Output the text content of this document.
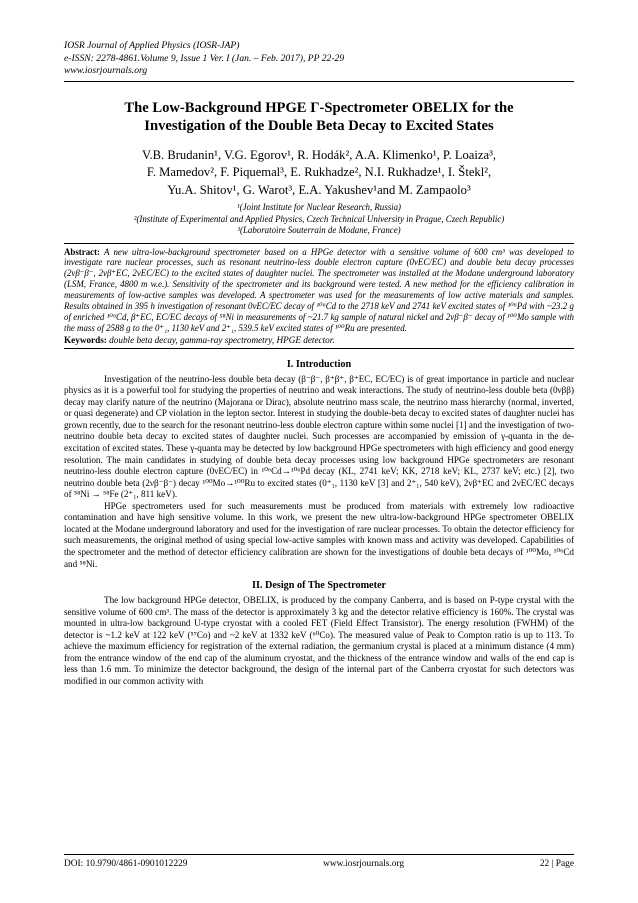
IOSR Journal of Applied Physics (IOSR-JAP)
e-ISSN: 2278-4861.Volume 9, Issue 1 Ver. I (Jan. – Feb. 2017), PP 22-29
www.iosrjournals.org
The Low-Background HPGE Γ-Spectrometer OBELIX for the
Investigation of the Double Beta Decay to Excited States
V.B. Brudanin¹, V.G. Egorov¹, R. Hodák², A.A. Klimenko¹, P. Loaiza³,
F. Mamedov², F. Piquemal³, E. Rukhadze², N.I. Rukhadze¹, I. Štekl²,
Yu.A. Shitov¹, G. Warot³, E.A. Yakushev¹and M. Zampaolo³
¹(Joint Institute for Nuclear Research, Russia)
²(Institute of Experimental and Applied Physics, Czech Technical University in Prague, Czech Republic)
³(Laboratoire Souterrain de Modane, France)
Abstract: A new ultra-low-background spectrometer based on a HPGe detector with a sensitive volume of 600 cm³ was developed to investigate rare nuclear processes, such as resonant neutrino-less double electron capture (0νEC/EC) and double beta decay processes (2νβ⁻β⁻, 2νβ⁺EC, 2νEC/EC) to the excited states of daughter nuclei. The spectrometer was installed at the Modane underground laboratory (LSM, France, 4800 m w.e.). Sensitivity of the spectrometer and its background were tested. A new method for the efficiency calibration in measurements of low-active samples was developed. A spectrometer was used for the measurements of low active materials and samples. Results obtained in 395 h investigation of resonant 0νEC/EC decay of ¹⁰⁶Cd to the 2718 keV and 2741 keV excited states of ¹⁰⁶Pd with ~23.2 g of enriched ¹⁰⁶Cd, β⁺EC, EC/EC decays of ⁵⁸Ni in measurements of ~21.7 kg sample of natural nickel and 2νβ⁻β⁻ decay of ¹⁰⁰Mo sample with the mass of 2588 g to the 0⁺₁, 1130 keV and 2⁺₁, 539.5 keV excited states of ¹⁰⁰Ru are presented.
Keywords: double beta decay, gamma-ray spectrometry, HPGE detector.
I. Introduction

Investigation of the neutrino-less double beta decay (β⁻β⁻, β⁺β⁺, β⁺EC, EC/EC) is of great importance in particle and nuclear physics as it is a powerful tool for studying the properties of neutrino and weak interactions. The study of neutrino-less double beta (0νββ) decay may clarify nature of the neutrino (Majorana or Dirac), absolute neutrino mass scale, the neutrino mass hierarchy (normal, inverted, or quasi degenerate) and CP violation in the lepton sector. Interest in studying the double-beta decay to excited states of daughter nuclei has grown recently, due to the search for the resonant neutrino-less double electron capture within some nuclei [1] and the investigation of two-neutrino double beta decay to excited states of daughter nuclei. Such processes are accompanied by emission of γ-quanta in the de-excitation of excited states. These γ-quanta may be detected by low background HPGe spectrometers with high efficiency and good energy resolution. The main candidates in studying of double beta decay processes using low background HPGe spectrometers are resonant neutrino-less double electron capture (0νEC/EC) in ¹⁰⁶Cd→¹⁰⁶Pd decay (KL, 2741 keV; KK, 2718 keV; KL, 2737 keV; etc.) [2], two neutrino double beta (2νβ⁻β⁻) decay ¹⁰⁰Mo→¹⁰⁰Ru to excited states (0⁺₁, 1130 keV [3] and 2⁺₁, 540 keV), 2νβ⁺EC and 2νEC/EC decays of ⁵⁸Ni → ⁵⁸Fe (2⁺₁, 811 keV).

HPGe spectrometers used for such measurements must be produced from materials with extremely low radioactive contamination and have high sensitive volume. In this work, we present the new ultra-low-background HPGe spectrometer OBELIX located at the Modane underground laboratory and used for the investigation of rare nuclear processes. To obtain the detector efficiency for such measurements, the original method of using special low-active samples with known mass and activity was developed. Capabilities of the spectrometer and the method of detector efficiency calibration are shown for the investigations of double beta decays of ¹⁰⁰Mo, ¹⁰⁶Cd and ⁵⁸Ni.

II. Design of The Spectrometer

The low background HPGe detector, OBELIX, is produced by the company Canberra, and is based on P-type crystal with the sensitive volume of 600 cm³. The mass of the detector is approximately 3 kg and the detector relative efficiency is 160%. The crystal was mounted in ultra-low background U-type cryostat with a cooled FET (Field Effect Transistor). The energy resolution (FWHM) of the detector is ~1.2 keV at 122 keV (⁵⁷Co) and ~2 keV at 1332 keV (⁶⁰Co). The measured value of Peak to Compton ratio is up to 113. To achieve the maximum efficiency for registration of the external radiation, the germanium crystal is placed at a minimum distance (4 mm) from the entrance window of the end cap of the aluminum cryostat, and the thickness of the entrance window and walls of the end cap is less than 1.6 mm. To minimize the detector background, the design of the internal part of the Canberra cryostat for such detectors was modified in our common activity with

DOI: 10.9790/4861-0901012229	www.iosrjournals.org	22 | Page
